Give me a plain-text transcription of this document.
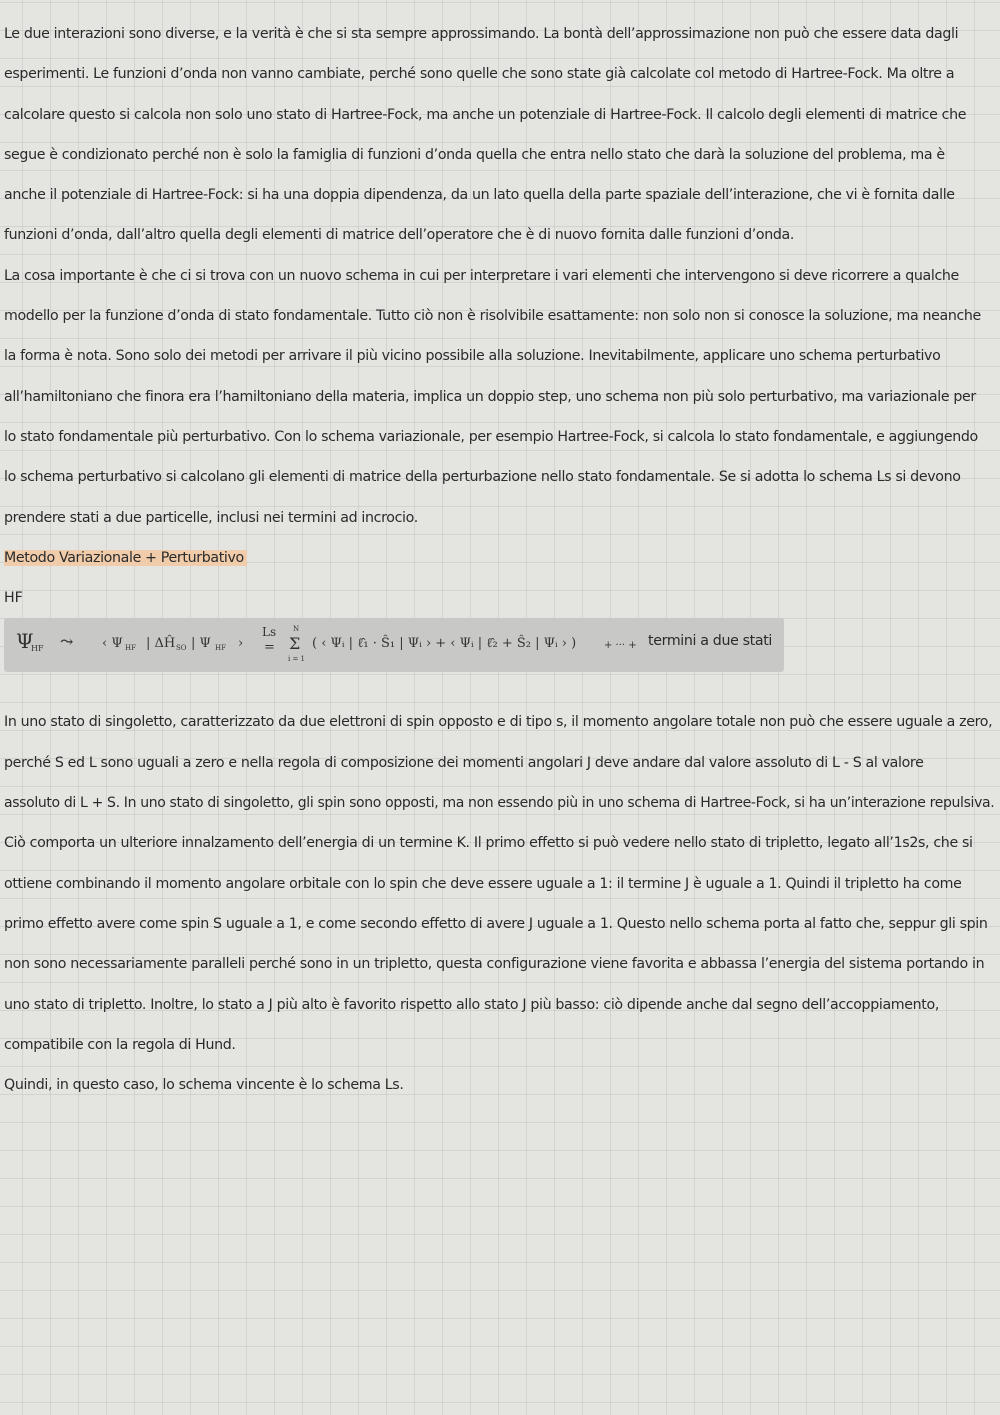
Le due interazioni sono diverse, e la verità è che si sta sempre approssimando. La bontà dell’approssimazione non può che essere data dagli

esperimenti. Le funzioni d’onda non vanno cambiate, perché sono quelle che sono state già calcolate col metodo di Hartree-Fock. Ma oltre a

calcolare questo si calcola non solo uno stato di Hartree-Fock, ma anche un potenziale di Hartree-Fock. Il calcolo degli elementi di matrice che

segue è condizionato perché non è solo la famiglia di funzioni d’onda quella che entra nello stato che darà la soluzione del problema, ma è

anche il potenziale di Hartree-Fock: si ha una doppia dipendenza, da un lato quella della parte spaziale dell’interazione, che vi è fornita dalle

funzioni d’onda, dall’altro quella degli elementi di matrice dell’operatore che è di nuovo fornita dalle funzioni d’onda.

La cosa importante è che ci si trova con un nuovo schema in cui per interpretare i vari elementi che intervengono si deve ricorrere a qualche

modello per la funzione d’onda di stato fondamentale. Tutto ciò non è risolvibile esattamente: non solo non si conosce la soluzione, ma neanche

la forma è nota. Sono solo dei metodi per arrivare il più vicino possibile alla soluzione. Inevitabilmente, applicare uno schema perturbativo

all’hamiltoniano che finora era l’hamiltoniano della materia, implica un doppio step, uno schema non più solo perturbativo, ma variazionale per

lo stato fondamentale più perturbativo. Con lo schema variazionale, per esempio Hartree-Fock, si calcola lo stato fondamentale, e aggiungendo

lo schema perturbativo si calcolano gli elementi di matrice della perturbazione nello stato fondamentale. Se si adotta lo schema Ls si devono

prendere stati a due particelle, inclusi nei termini ad incrocio.

Metodo Variazionale + Perturbativo

HF
Ψ
HF ⤳ ‹ Ψ HF | ΔĤ SO | Ψ HF ›
Ls
=
N
Σ
i = 1
( ‹ Ψᵢ | ℓ̂₁ · Ŝ₁ | Ψᵢ › + ‹ Ψᵢ | ℓ̂₂ + Ŝ₂ | Ψᵢ › )	+ ··· + termini a due stati

In uno stato di singoletto, caratterizzato da due elettroni di spin opposto e di tipo s, il momento angolare totale non può che essere uguale a zero,

perché S ed L sono uguali a zero e nella regola di composizione dei momenti angolari J deve andare dal valore assoluto di L - S al valore

assoluto di L + S. In uno stato di singoletto, gli spin sono opposti, ma non essendo più in uno schema di Hartree-Fock, si ha un’interazione repulsiva.

Ciò comporta un ulteriore innalzamento dell’energia di un termine K. Il primo effetto si può vedere nello stato di tripletto, legato all’1s2s, che si

ottiene combinando il momento angolare orbitale con lo spin che deve essere uguale a 1: il termine J è uguale a 1. Quindi il tripletto ha come

primo effetto avere come spin S uguale a 1, e come secondo effetto di avere J uguale a 1. Questo nello schema porta al fatto che, seppur gli spin

non sono necessariamente paralleli perché sono in un tripletto, questa configurazione viene favorita e abbassa l’energia del sistema portando in

uno stato di tripletto. Inoltre, lo stato a J più alto è favorito rispetto allo stato J più basso: ciò dipende anche dal segno dell’accoppiamento,

compatibile con la regola di Hund.

Quindi, in questo caso, lo schema vincente è lo schema Ls.
